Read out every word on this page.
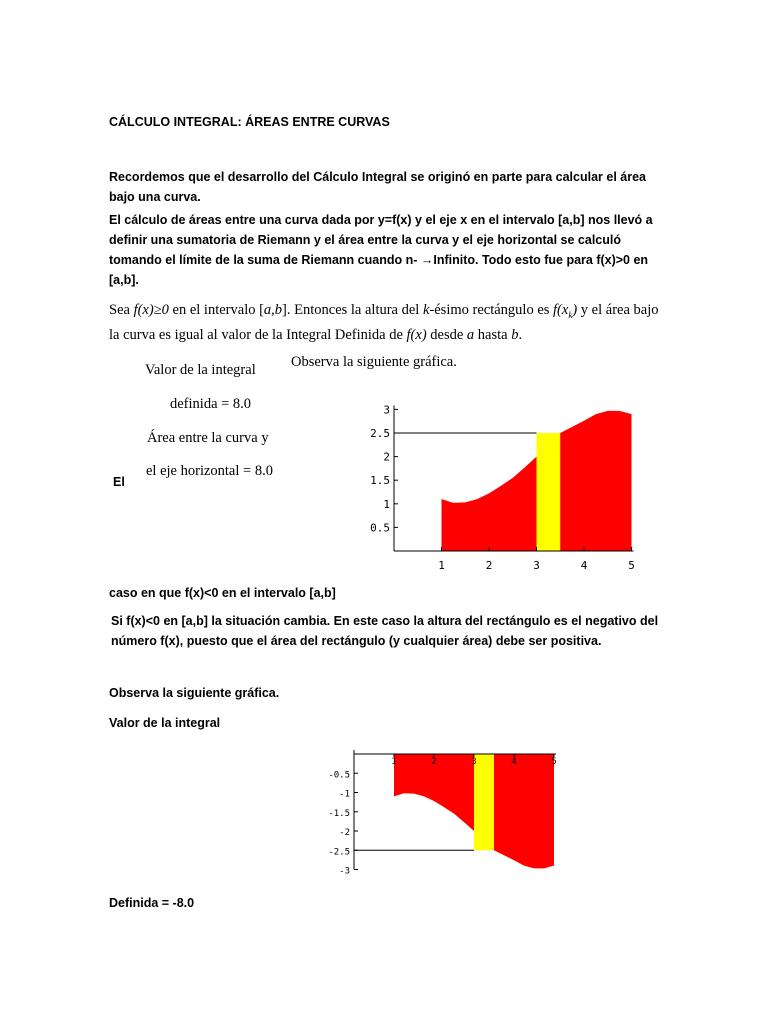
CÁLCULO INTEGRAL: ÁREAS ENTRE CURVAS
Recordemos que el desarrollo del Cálculo Integral se originó en parte para calcular el área bajo una curva.
El cálculo de áreas entre una curva dada por y=f(x) y el eje x en el intervalo [a,b] nos llevó a definir una sumatoria de Riemann y el área entre la curva y el eje horizontal se calculó tomando el límite de la suma de Riemann cuando n- →Infinito. Todo esto fue para f(x)>0 en [a,b].
Sea f(x)≥0 en el intervalo [a,b]. Entonces la altura del k-ésimo rectángulo es $f(x_k)$ y el área bajo la curva es igual al valor de la Integral Definida de f(x) desde a hasta b.
Valor de la integral
definida = 8.0
Área entre la curva y
el eje horizontal = 8.0
El
Observa la siguiente gráfica.
1	2	3	4	5
0.5
1
1.5
2
2.5
3
caso en que f(x)<0 en el intervalo [a,b]
Si f(x)<0 en [a,b] la situación cambia. En este caso la altura del rectángulo es el negativo del número f(x), puesto que el área del rectángulo (y cualquier área) debe ser positiva.
Observa la siguiente gráfica.
Valor de la integral
1	2	3	4	5
-0.5
-1
-1.5
-2
-2.5
-3
Definida = -8.0
